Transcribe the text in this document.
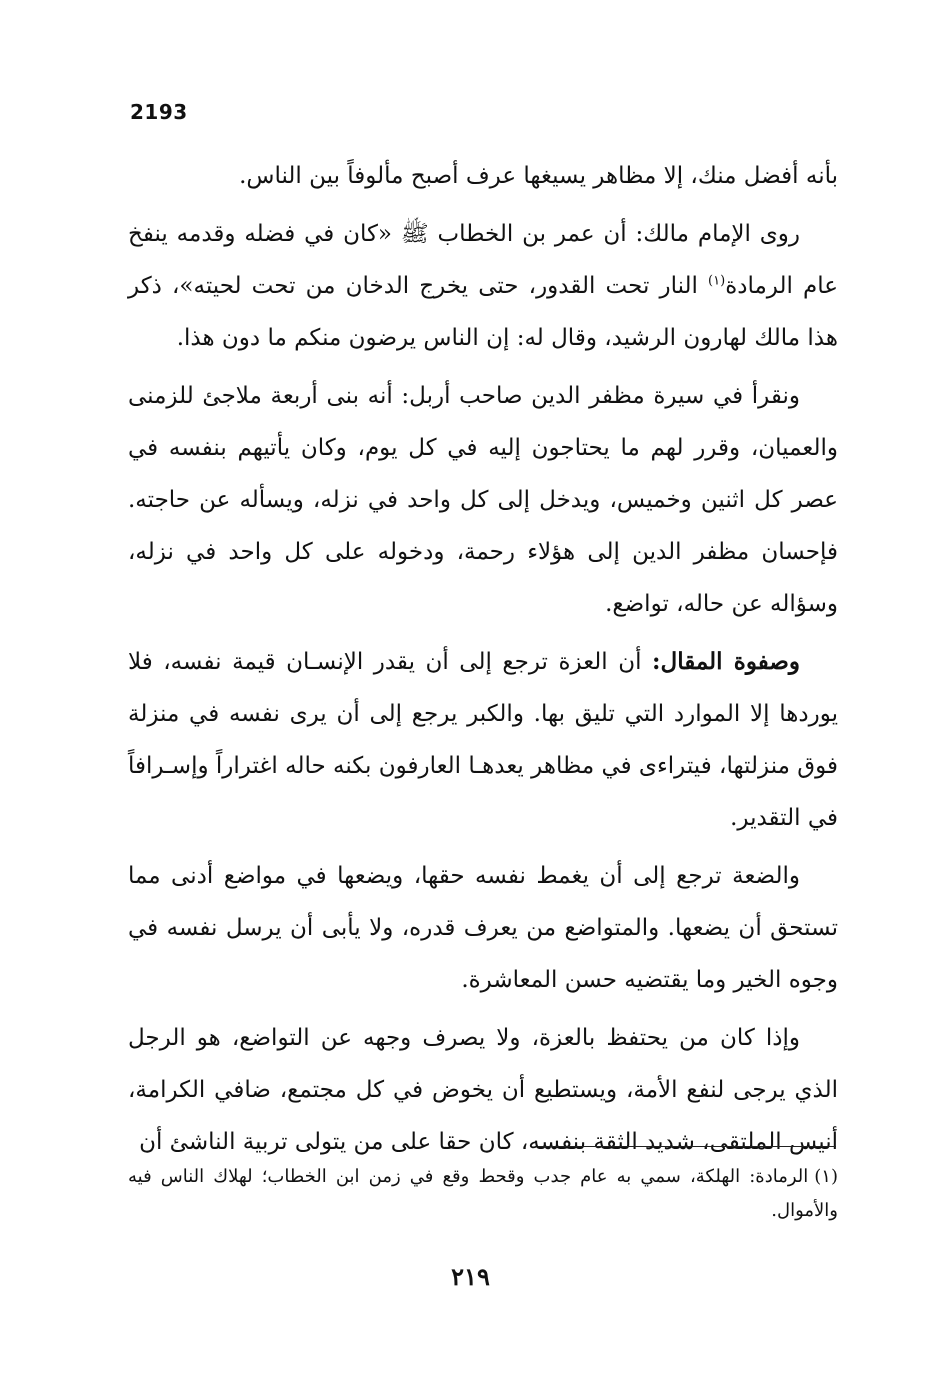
2193

بأنه أفضل منك، إلا مظاهر يسيغها عرف أصبح مألوفاً بين الناس.

روى الإمام مالك: أن عمر بن الخطاب ﷺ «كان في فضله وقدمه ينفخ عام الرمادة$^{(١)}$ النار تحت القدور، حتى يخرج الدخان من تحت لحيته»، ذكر هذا مالك لهارون الرشيد، وقال له: إن الناس يرضون منكم ما دون هذا.

ونقرأ في سيرة مظفر الدين صاحب أربل: أنه بنى أربعة ملاجئ للزمنى والعميان، وقرر لهم ما يحتاجون إليه في كل يوم، وكان يأتيهم بنفسه في عصر كل اثنين وخميس، ويدخل إلى كل واحد في نزله، ويسأله عن حاجته. فإحسان مظفر الدين إلى هؤلاء رحمة، ودخوله على كل واحد في نزله، وسؤاله عن حاله، تواضع.

وصفوة المقال: أن العزة ترجع إلى أن يقدر الإنسـان قيمة نفسه، فلا يوردها إلا الموارد التي تليق بها. والكبر يرجع إلى أن يرى نفسه في منزلة فوق منزلتها، فيتراءى في مظاهر يعدهـا العارفون بكنه حاله اغتراراً وإسـرافاً في التقدير.

والضعة ترجع إلى أن يغمط نفسه حقها، ويضعها في مواضع أدنى مما تستحق أن يضعها. والمتواضع من يعرف قدره، ولا يأبى أن يرسل نفسه في وجوه الخير وما يقتضيه حسن المعاشرة.

وإذا كان من يحتفظ بالعزة، ولا يصرف وجهه عن التواضع، هو الرجل الذي يرجى لنفع الأمة، ويستطيع أن يخوض في كل مجتمع، ضافي الكرامة، أنيس الملتقى، شديد الثقة بنفسه، كان حقا على من يتولى تربية الناشئ أن

(١)الرمادة: الهلكة، سمي به عام جدب وقحط وقع في زمن ابن الخطاب؛ لهلاك الناس فيه والأموال.
٢١٩
